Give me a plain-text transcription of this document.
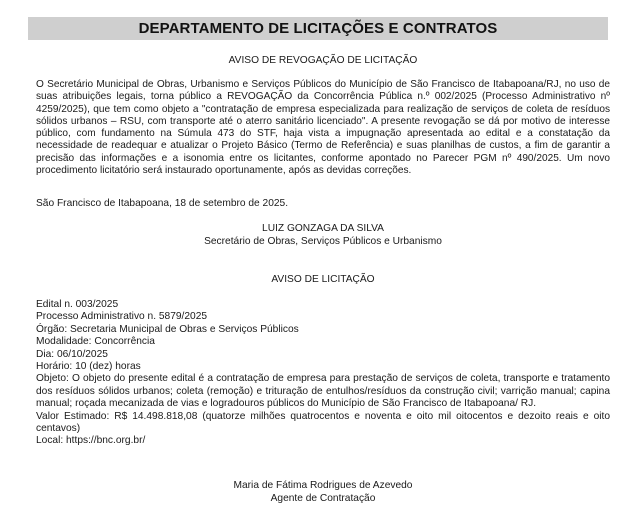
DEPARTAMENTO DE LICITAÇÕES E CONTRATOS
AVISO DE REVOGAÇÃO DE LICITAÇÃO
O Secretário Municipal de Obras, Urbanismo e Serviços Públicos do Município de São Francisco de Itabapoana/RJ, no uso de suas atribuições legais, torna público a REVOGAÇÃO da Concorrência Pública n.º 002/2025 (Processo Administrativo nº 4259/2025), que tem como objeto a "contratação de empresa especializada para realização de serviços de coleta de resíduos sólidos urbanos – RSU, com transporte até o aterro sanitário licenciado". A presente revogação se dá por motivo de interesse público, com fundamento na Súmula 473 do STF, haja vista a impugnação apresentada ao edital e a constatação da necessidade de readequar e atualizar o Projeto Básico (Termo de Referência) e suas planilhas de custos, a fim de garantir a precisão das informações e a isonomia entre os licitantes, conforme apontado no Parecer PGM nº 490/2025. Um novo procedimento licitatório será instaurado oportunamente, após as devidas correções.
São Francisco de Itabapoana, 18 de setembro de 2025.
LUIZ GONZAGA DA SILVA
Secretário de Obras, Serviços Públicos e Urbanismo
AVISO DE LICITAÇÃO
Edital n. 003/2025
Processo Administrativo n. 5879/2025
Órgão: Secretaria Municipal de Obras e Serviços Públicos
Modalidade: Concorrência
Dia: 06/10/2025
Horário: 10 (dez) horas
Objeto: O objeto do presente edital é a contratação de empresa para prestação de serviços de coleta, transporte e tratamento dos resíduos sólidos urbanos; coleta (remoção) e trituração de entulhos/resíduos da construção civil; varrição manual; capina manual; roçada mecanizada de vias e logradouros públicos do Município de São Francisco de Itabapoana/ RJ.
Valor Estimado: R$ 14.498.818,08 (quatorze milhões quatrocentos e noventa e oito mil oitocentos e dezoito reais e oito centavos)
Local: https://bnc.org.br/
Maria de Fátima Rodrigues de Azevedo
Agente de Contratação
